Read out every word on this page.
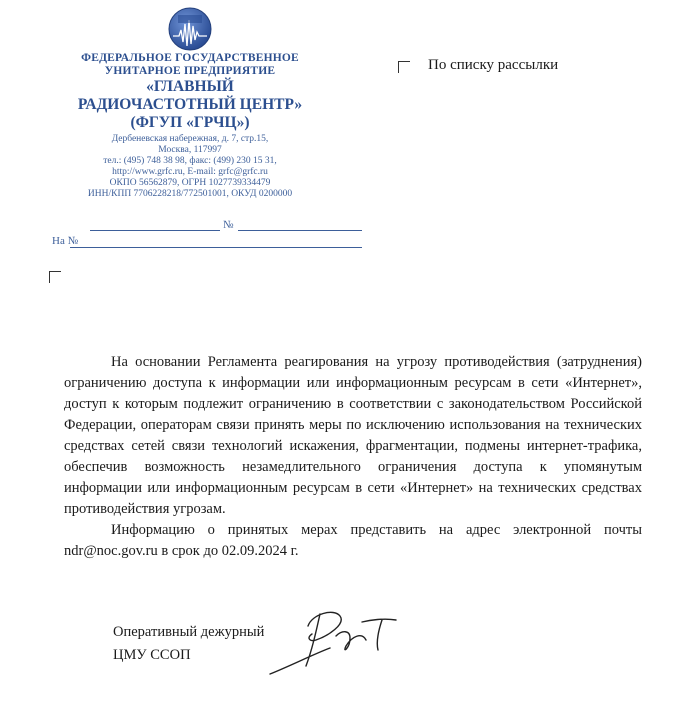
ФЕДЕРАЛЬНОЕ ГОСУДАРСТВЕННОЕ
УНИТАРНОЕ ПРЕДПРИЯТИЕ
«ГЛАВНЫЙ
РАДИОЧАСТОТНЫЙ ЦЕНТР»
(ФГУП «ГРЧЦ»)
Дербеневская набережная, д. 7, стр.15,
Москва, 117997
тел.: (495) 748 38 98, факс: (499) 230 15 31,
http://www.grfc.ru, E-mail: grfc@grfc.ru
ОКПО 56562879, ОГРН 1027739334479
ИНН/КПП 7706228218/772501001, ОКУД 0200000
№
На №
По списку рассылки

На основании Регламента реагирования на угрозу противодействия (затруднения) ограничению доступа к информации или информационным ресурсам в сети «Интернет», доступ к которым подлежит ограничению в соответствии с законодательством Российской Федерации, операторам связи принять меры по исключению использования на технических средствах сетей связи технологий искажения, фрагментации, подмены интернет-трафика, обеспечив возможность незамедлительного ограничения доступа к упомянутым информации или информационным ресурсам в сети «Интернет» на технических средствах противодействия угрозам.

Информацию о принятых мерах представить на адрес электронной почты ndr@noc.gov.ru в срок до 02.09.2024 г.

Оперативный дежурный
ЦМУ ССОП
